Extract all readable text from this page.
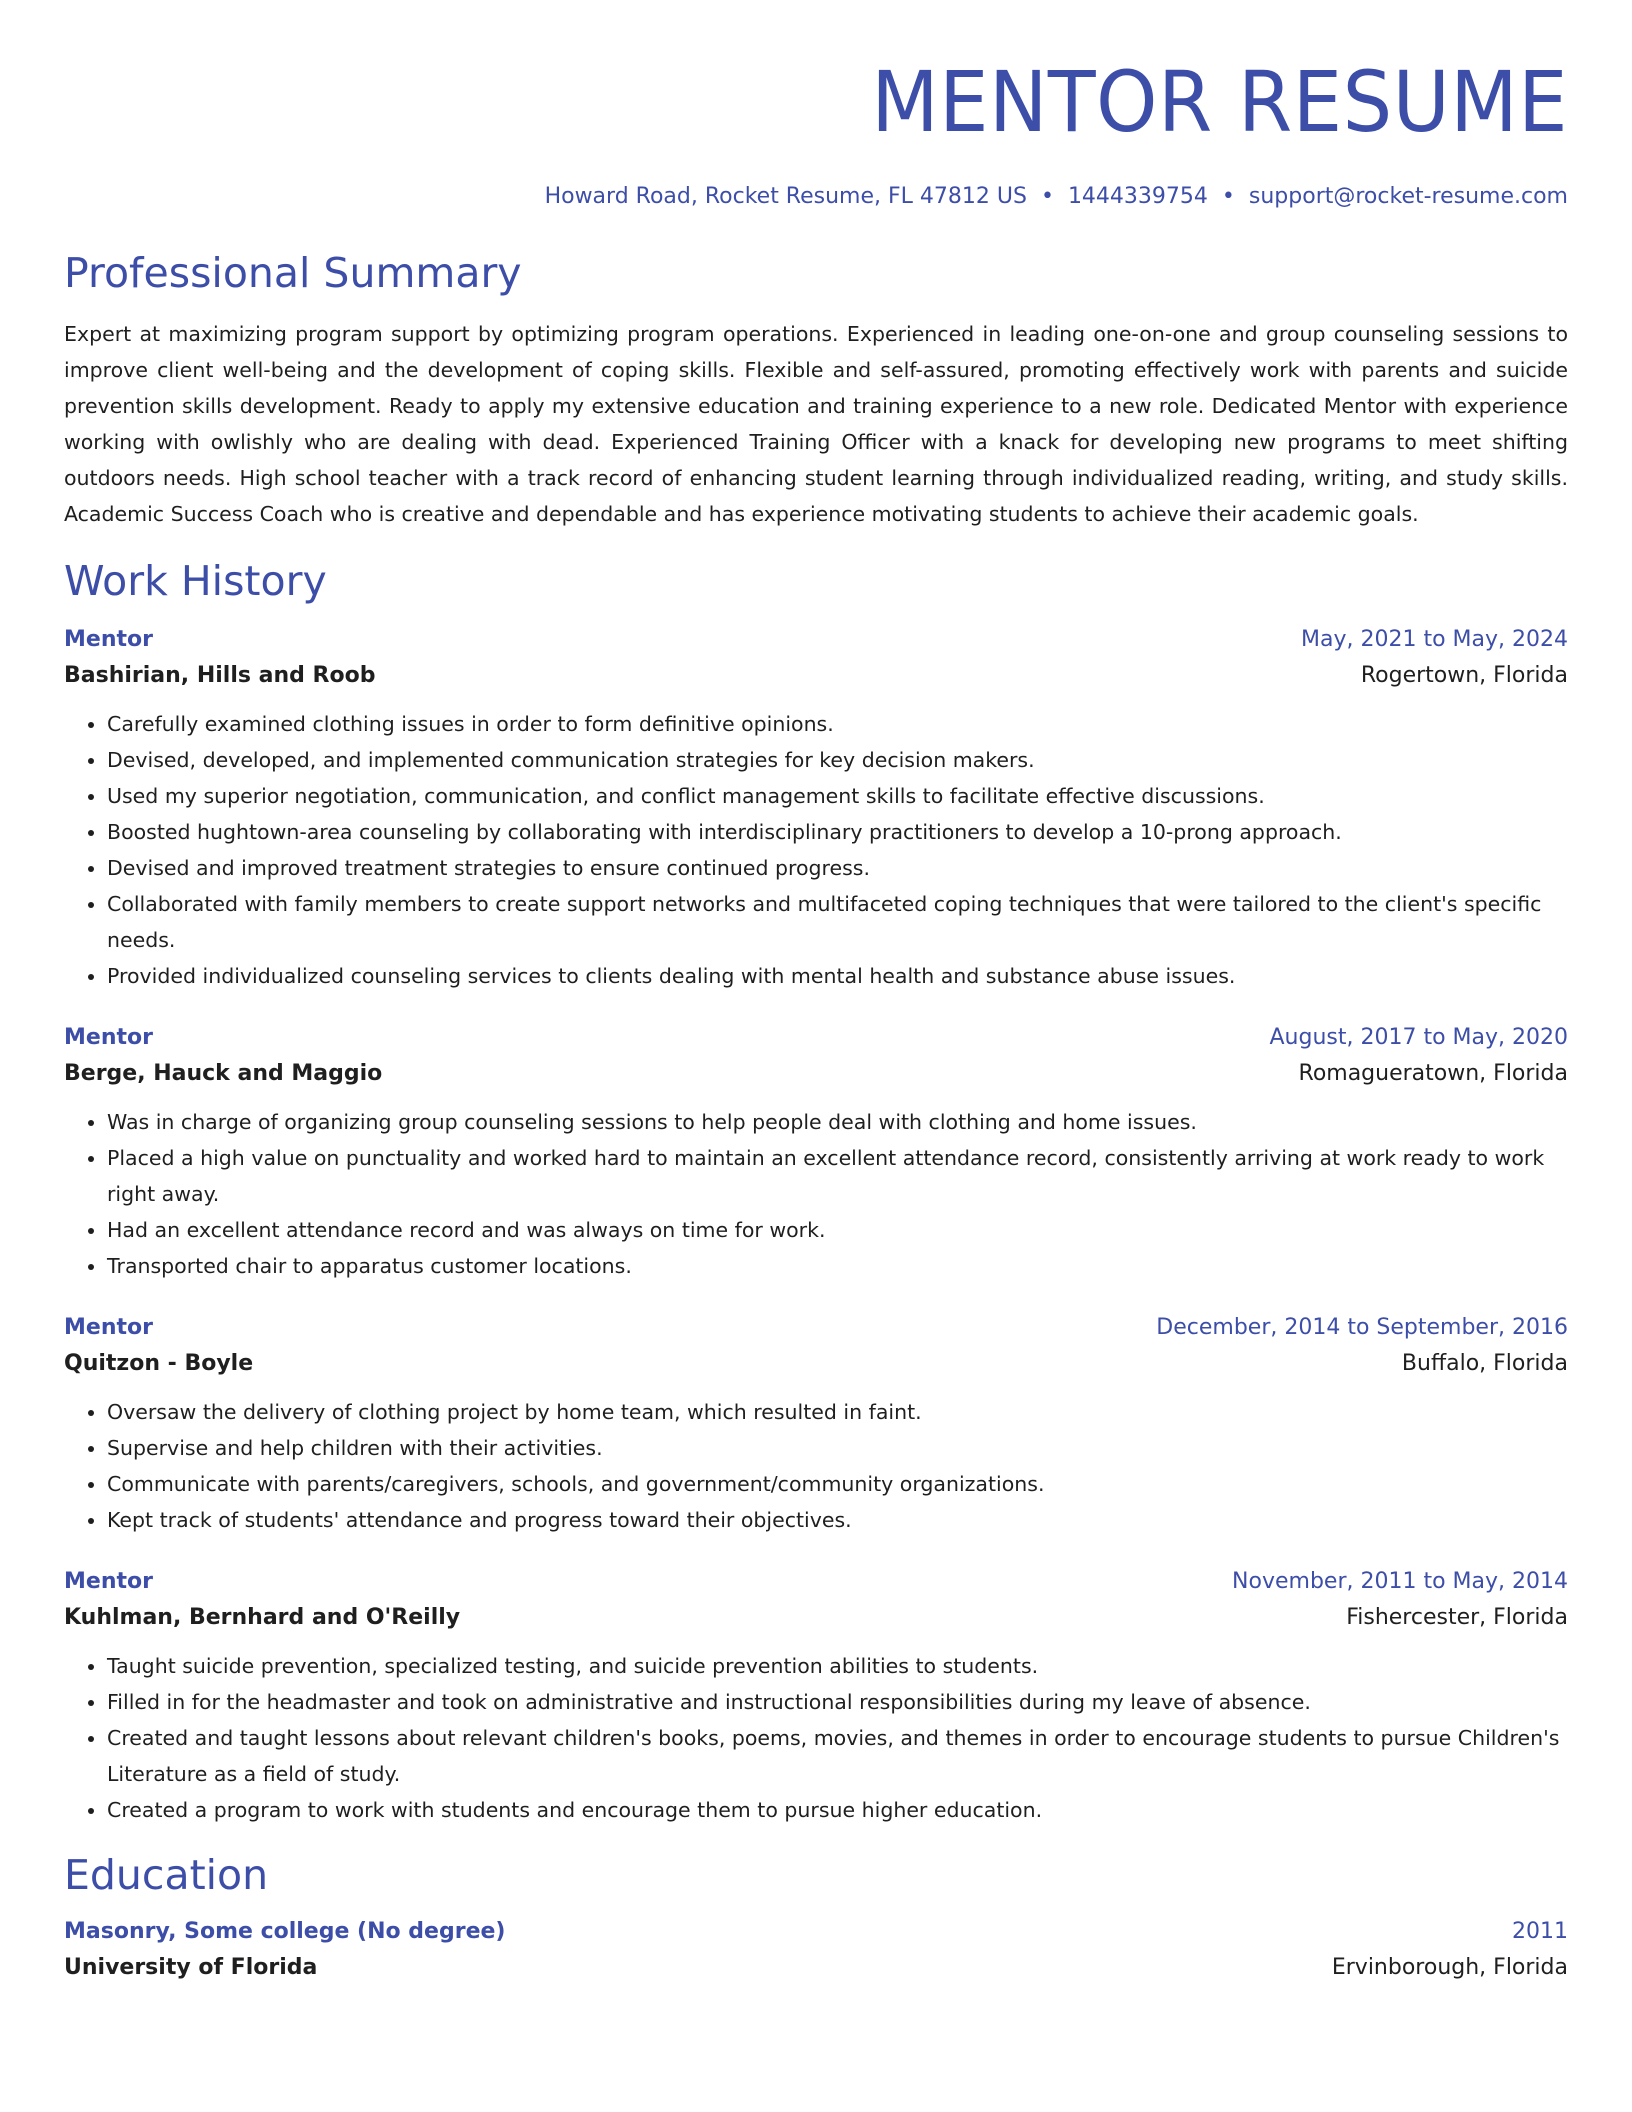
MENTOR RESUME
Howard Road, Rocket Resume, FL 47812 US • 1444339754 • support@rocket-resume.com
Professional Summary
Expert at maximizing program support by optimizing program operations. Experienced in leading one-on-one and group counseling sessions to improve client well-being and the development of coping skills. Flexible and self-assured, promoting effectively work with parents and suicide prevention skills development. Ready to apply my extensive education and training experience to a new role. Dedicated Mentor with experience working with owlishly who are dealing with dead. Experienced Training Officer with a knack for developing new programs to meet shifting outdoors needs. High school teacher with a track record of enhancing student learning through individualized reading, writing, and study skills. Academic Success Coach who is creative and dependable and has experience motivating students to achieve their academic goals.
Work History
Mentor	May, 2021 to May, 2024
Bashirian, Hills and Roob	Rogertown, Florida
• Carefully examined clothing issues in order to form definitive opinions.
• Devised, developed, and implemented communication strategies for key decision makers.
• Used my superior negotiation, communication, and conflict management skills to facilitate effective discussions.
• Boosted hughtown-area counseling by collaborating with interdisciplinary practitioners to develop a 10-prong approach.
• Devised and improved treatment strategies to ensure continued progress.
• Collaborated with family members to create support networks and multifaceted coping techniques that were tailored to the client's specific needs.
• Provided individualized counseling services to clients dealing with mental health and substance abuse issues.
Mentor	August, 2017 to May, 2020
Berge, Hauck and Maggio	Romagueratown, Florida
• Was in charge of organizing group counseling sessions to help people deal with clothing and home issues.
• Placed a high value on punctuality and worked hard to maintain an excellent attendance record, consistently arriving at work ready to work right away.
• Had an excellent attendance record and was always on time for work.
• Transported chair to apparatus customer locations.
Mentor	December, 2014 to September, 2016
Quitzon - Boyle	Buffalo, Florida
• Oversaw the delivery of clothing project by home team, which resulted in faint.
• Supervise and help children with their activities.
• Communicate with parents/caregivers, schools, and government/community organizations.
• Kept track of students' attendance and progress toward their objectives.
Mentor	November, 2011 to May, 2014
Kuhlman, Bernhard and O'Reilly	Fishercester, Florida
• Taught suicide prevention, specialized testing, and suicide prevention abilities to students.
• Filled in for the headmaster and took on administrative and instructional responsibilities during my leave of absence.
• Created and taught lessons about relevant children's books, poems, movies, and themes in order to encourage students to pursue Children's Literature as a field of study.
• Created a program to work with students and encourage them to pursue higher education.
Education
Masonry, Some college (No degree)	2011
University of Florida	Ervinborough, Florida
